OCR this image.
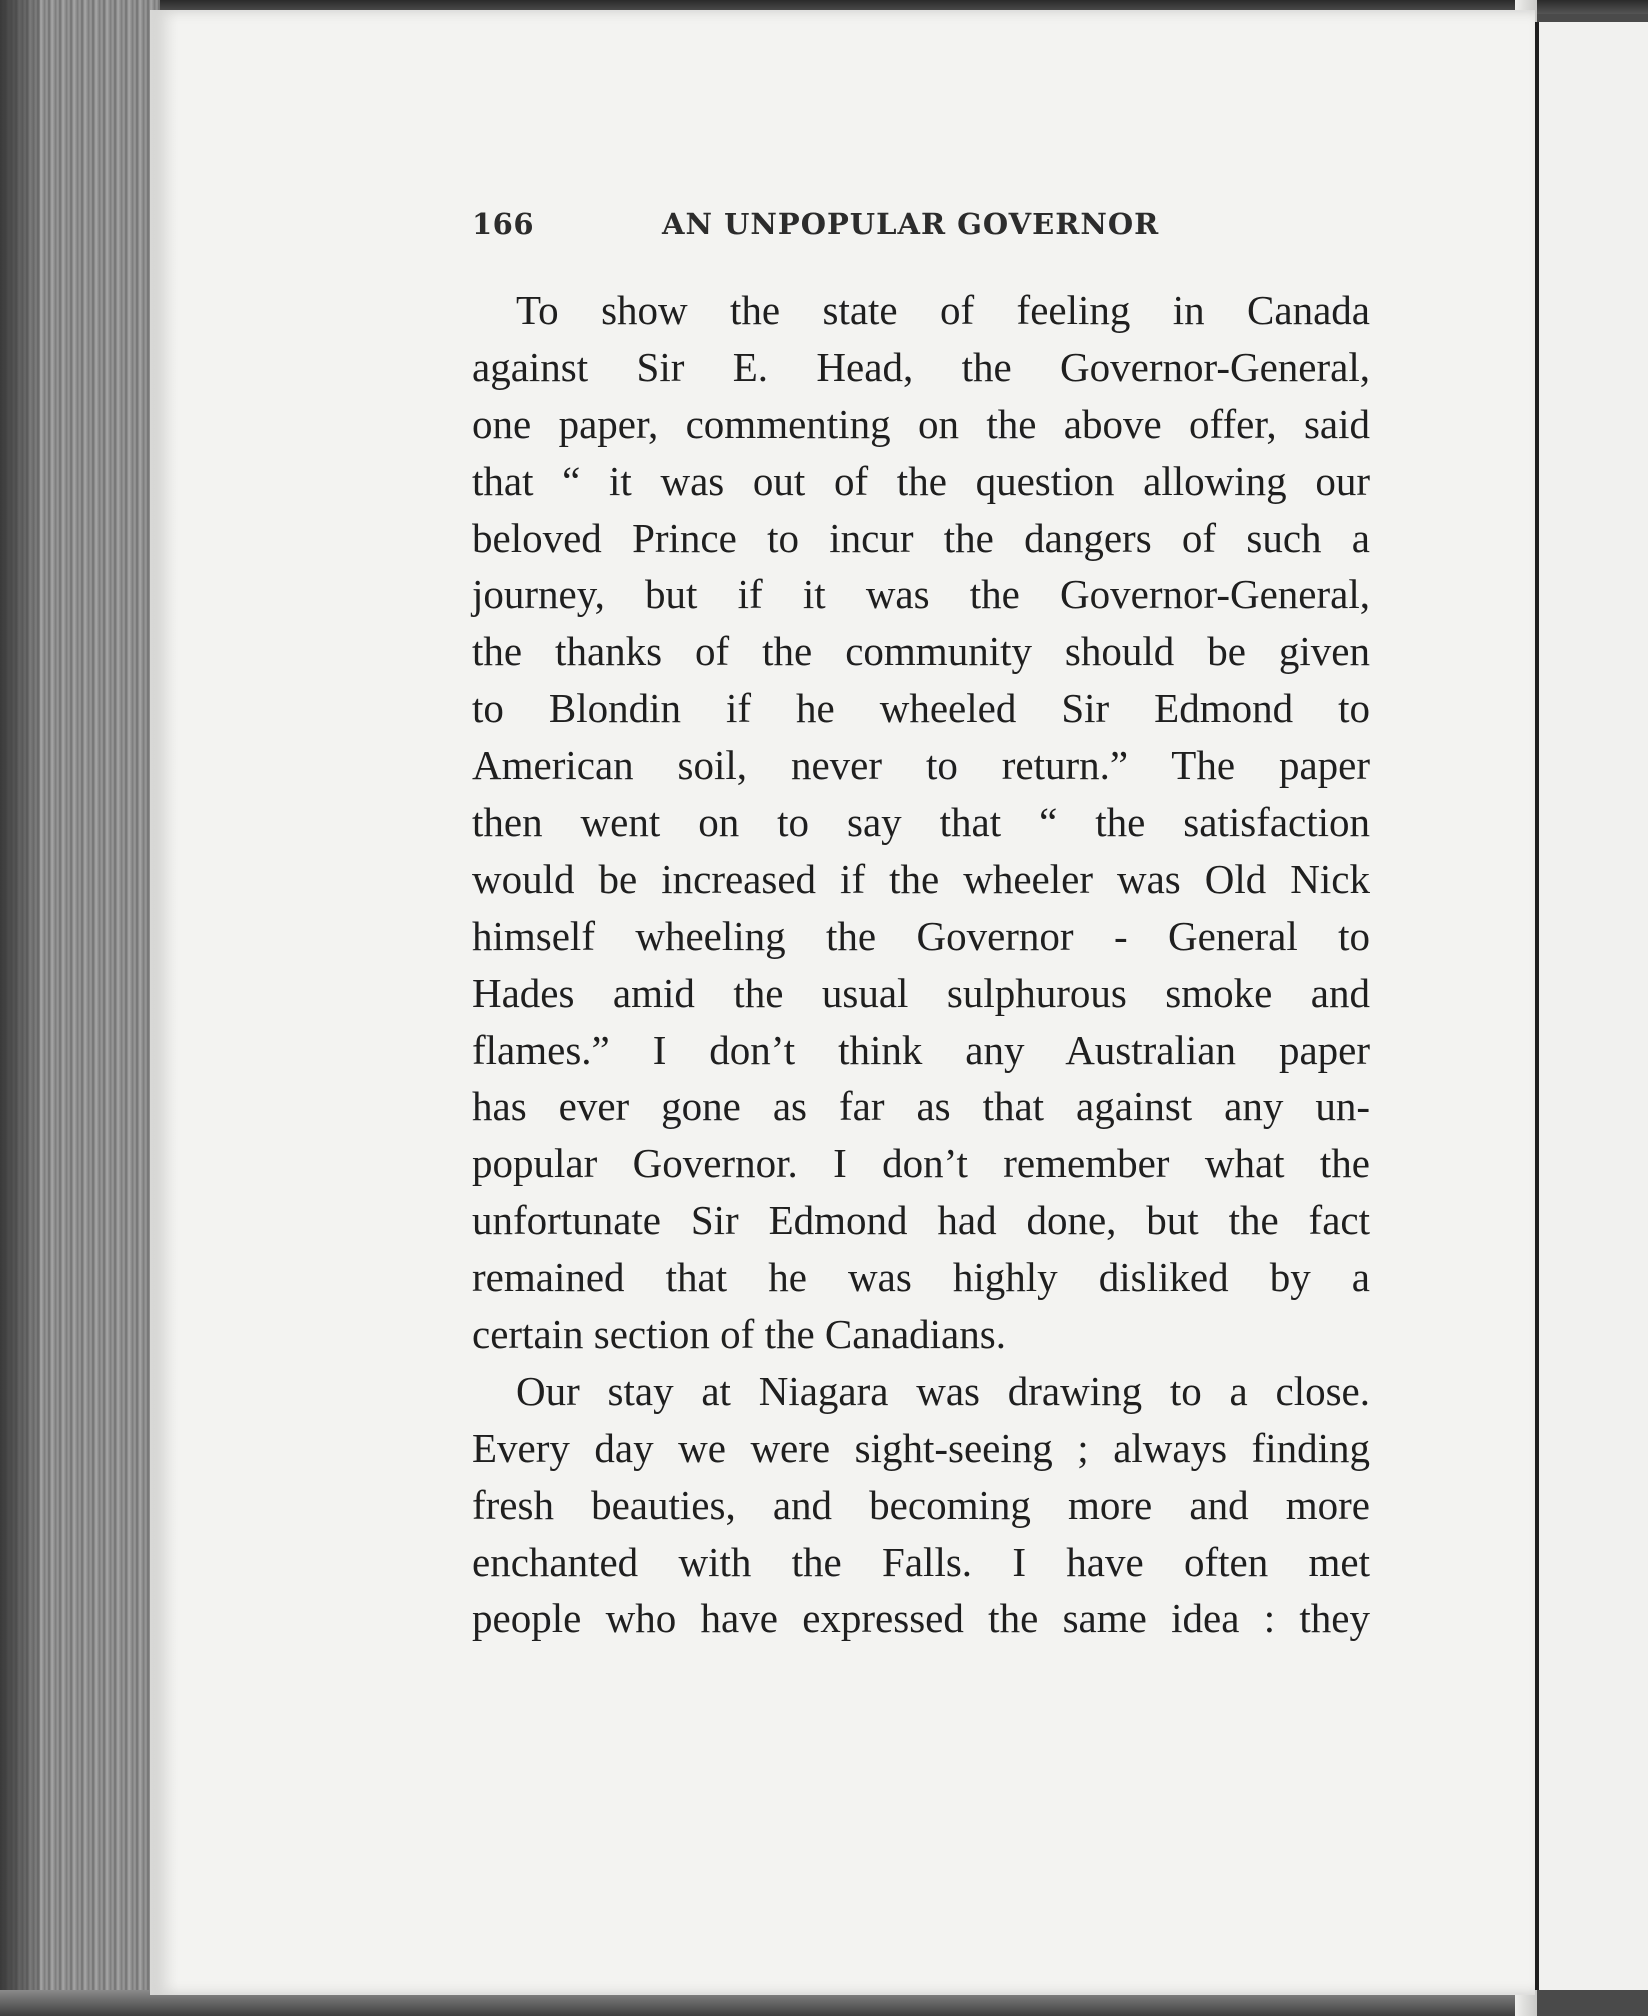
166	AN UNPOPULAR GOVERNOR
To show the state of feeling in Canada
against Sir E. Head, the Governor-General,
one paper, commenting on the above offer, said
that “ it was out of the question allowing our
beloved Prince to incur the dangers of such a
journey, but if it was the Governor-General,
the thanks of the community should be given
to Blondin if he wheeled Sir Edmond to
American soil, never to return.” The paper
then went on to say that “ the satisfaction
would be increased if the wheeler was Old Nick
himself wheeling the Governor - General to
Hades amid the usual sulphurous smoke and
flames.” I don’t think any Australian paper
has ever gone as far as that against any un-
popular Governor. I don’t remember what the
unfortunate Sir Edmond had done, but the fact
remained that he was highly disliked by a
certain section of the Canadians.
Our stay at Niagara was drawing to a close.
Every day we were sight-seeing ; always finding
fresh beauties, and becoming more and more
enchanted with the Falls. I have often met
people who have expressed the same idea : they
